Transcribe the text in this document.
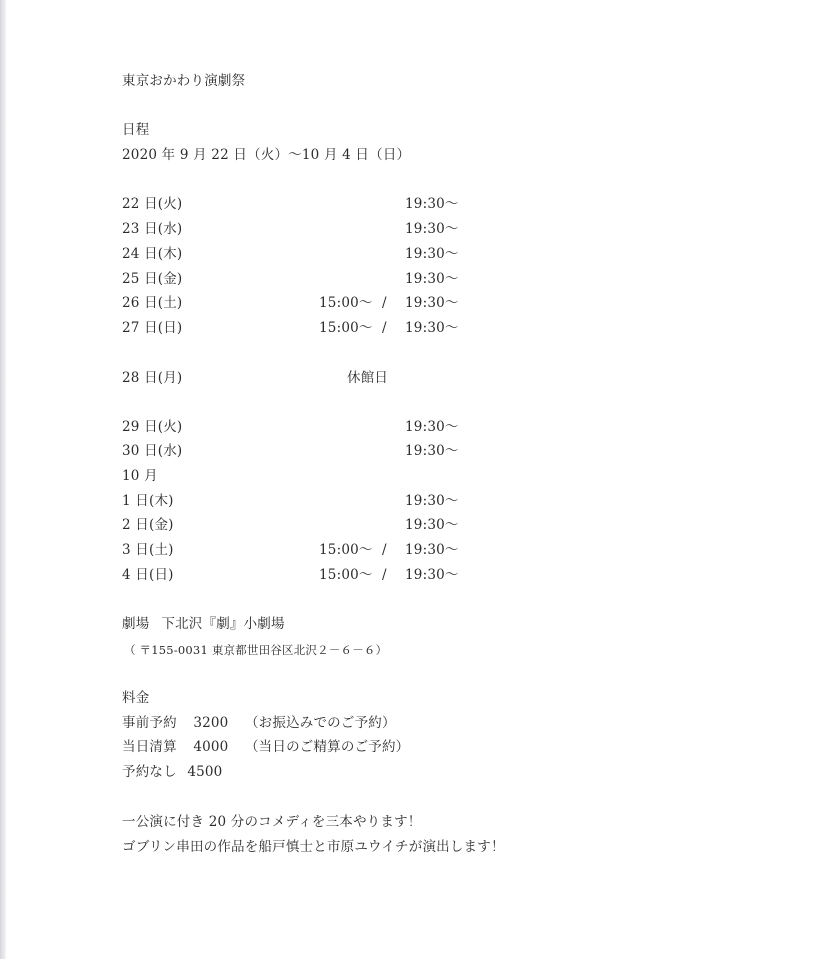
東京おかわり演劇祭
日程
2020 年 9 月 22 日（火）～10 月 4 日（日）
22 日(火)	19:30～
23 日(水)	19:30～
24 日(木)	19:30～
25 日(金)	19:30～
26 日(土)	15:00～ / 19:30～
27 日(日)	15:00～ / 19:30～
28 日(月)	休館日
29 日(火)	19:30～
30 日(水)	19:30～
10 月
1 日(木)	19:30～
2 日(金)	19:30～
3 日(土)	15:00～ / 19:30～
4 日(日)	15:00～ / 19:30～
劇場 下北沢『劇』小劇場
（ 〒155-0031 東京都世田谷区北沢２－６－６）
料金
事前予約 3200 （お振込みでのご予約）
当日清算 4000 （当日のご精算のご予約）
予約なし 4500
一公演に付き 20 分のコメディを三本やります！
ゴブリン串田の作品を船戸慎士と市原ユウイチが演出します！
